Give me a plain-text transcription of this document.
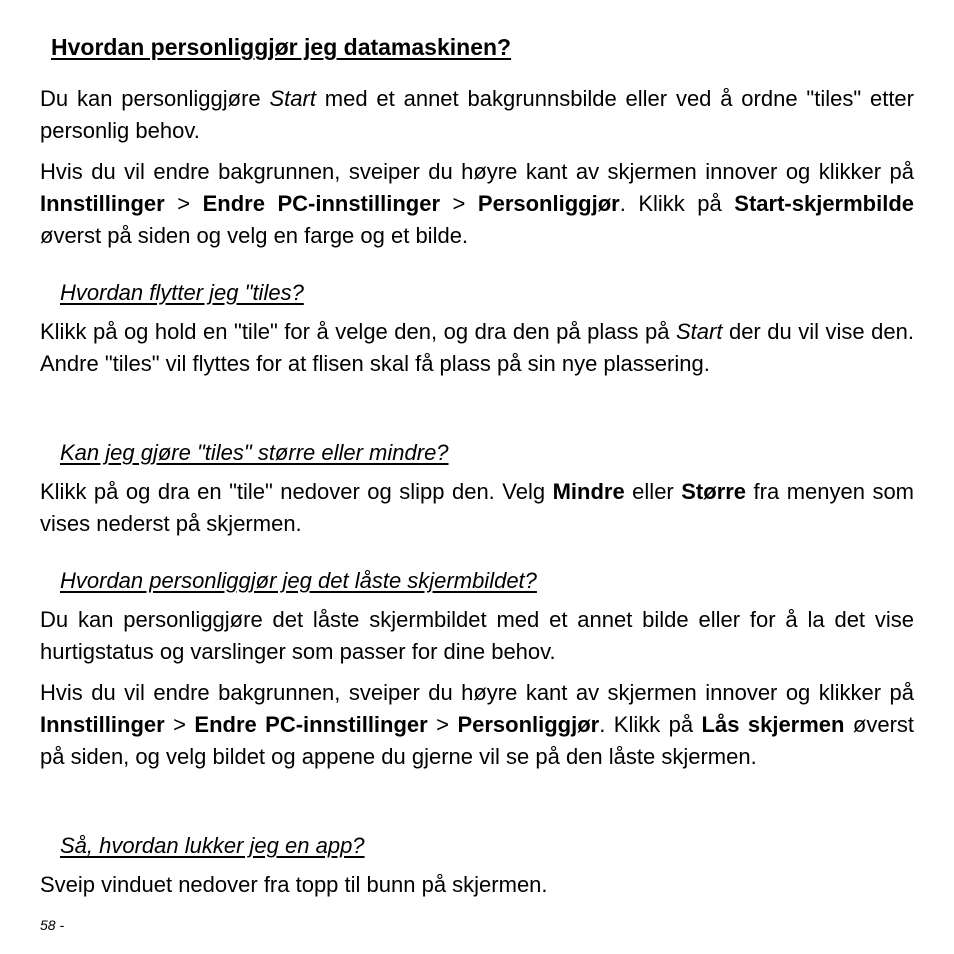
Hvordan personliggjør jeg datamaskinen?

Du kan personliggjøre Start med et annet bakgrunnsbilde eller ved å ordne "tiles" etter personlig behov.

Hvis du vil endre bakgrunnen, sveiper du høyre kant av skjermen innover og klikker på Innstillinger > Endre PC-innstillinger > Personliggjør. Klikk på Start-skjermbilde øverst på siden og velg en farge og et bilde.

Hvordan flytter jeg "tiles?

Klikk på og hold en "tile" for å velge den, og dra den på plass på Start der du vil vise den. Andre "tiles" vil flyttes for at flisen skal få plass på sin nye plassering.

Kan jeg gjøre "tiles" større eller mindre?

Klikk på og dra en "tile" nedover og slipp den. Velg Mindre eller Større fra menyen som vises nederst på skjermen.

Hvordan personliggjør jeg det låste skjermbildet?

Du kan personliggjøre det låste skjermbildet med et annet bilde eller for å la det vise hurtigstatus og varslinger som passer for dine behov.

Hvis du vil endre bakgrunnen, sveiper du høyre kant av skjermen innover og klikker på Innstillinger > Endre PC-innstillinger > Personliggjør. Klikk på Lås skjermen øverst på siden, og velg bildet og appene du gjerne vil se på den låste skjermen.

Så, hvordan lukker jeg en app?

Sveip vinduet nedover fra topp til bunn på skjermen.

58 -
